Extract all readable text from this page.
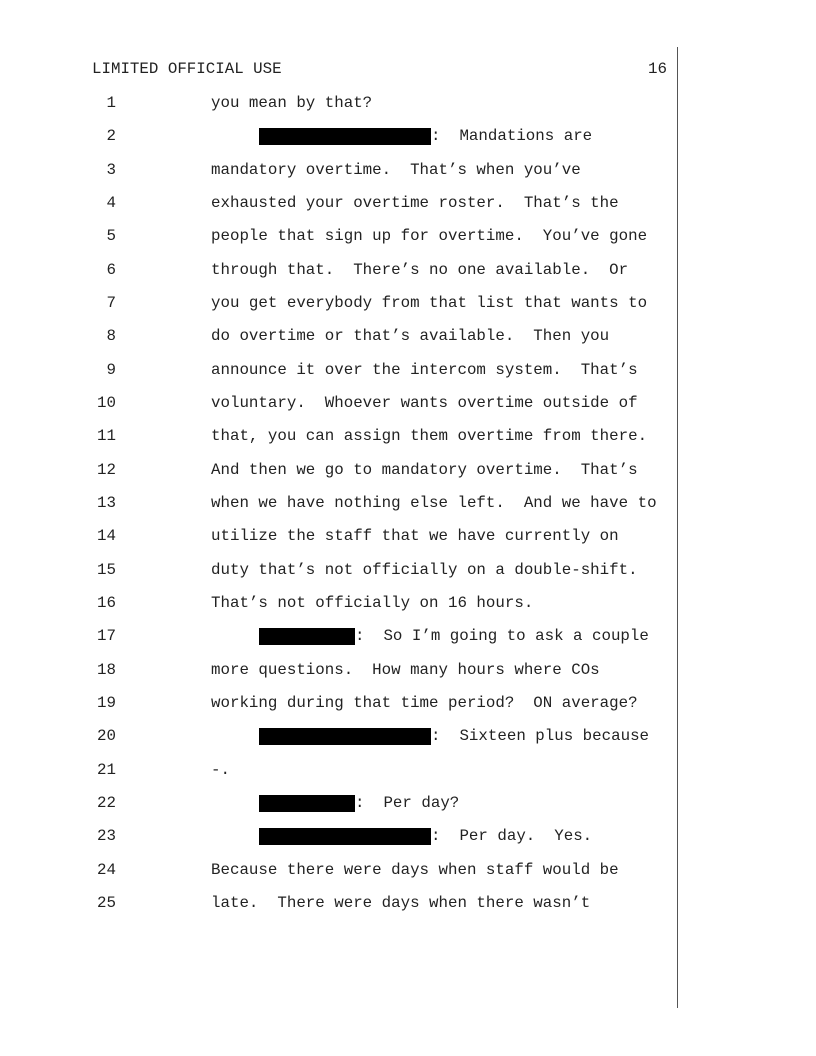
LIMITED OFFICIAL USE	16
1	you mean by that?
2	:  Mandations are
3	mandatory overtime.  That’s when you’ve
4	exhausted your overtime roster.  That’s the
5	people that sign up for overtime.  You’ve gone
6	through that.  There’s no one available.  Or
7	you get everybody from that list that wants to
8	do overtime or that’s available.  Then you
9	announce it over the intercom system.  That’s
10	voluntary.  Whoever wants overtime outside of
11	that, you can assign them overtime from there.
12	And then we go to mandatory overtime.  That’s
13	when we have nothing else left.  And we have to
14	utilize the staff that we have currently on
15	duty that’s not officially on a double-shift.
16	That’s not officially on 16 hours.
17	:  So I’m going to ask a couple
18	more questions.  How many hours where COs
19	working during that time period?  ON average?
20	:  Sixteen plus because
21	-.
22	:  Per day?
23	:  Per day.  Yes.
24	Because there were days when staff would be
25	late.  There were days when there wasn’t
